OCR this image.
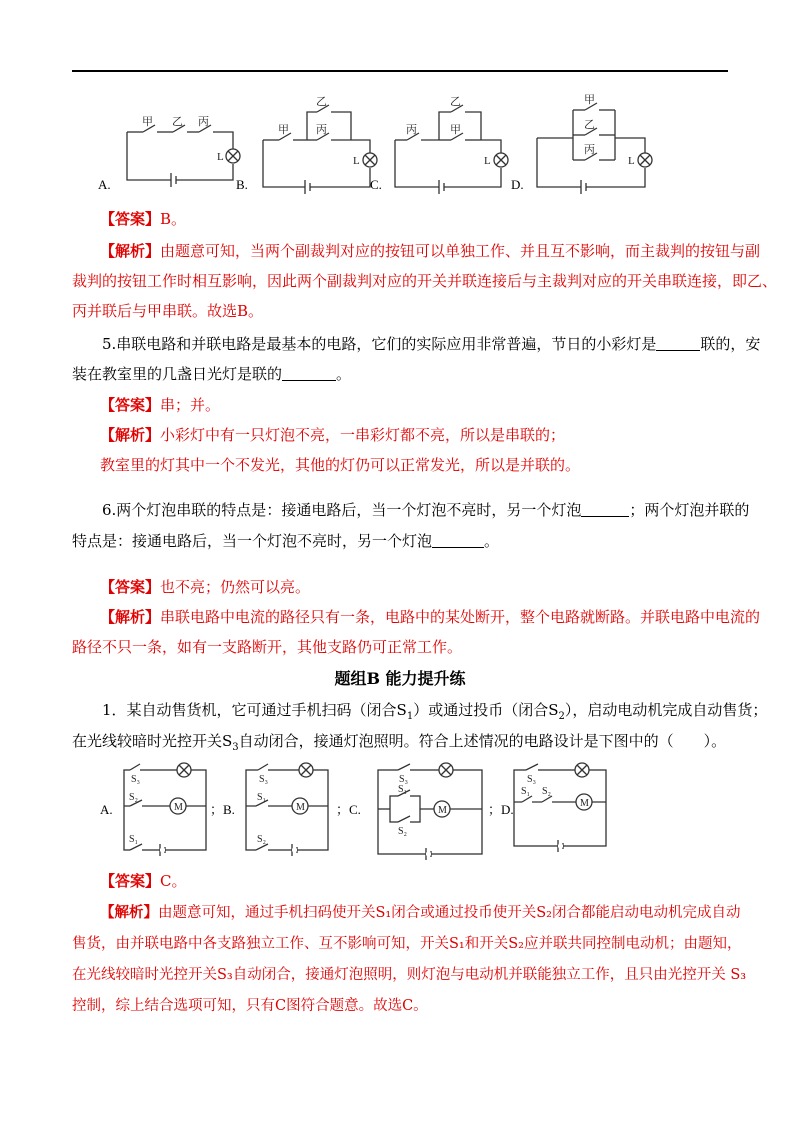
甲 乙 丙
L
甲
乙
丙
L
丙
乙
甲
L
甲
乙
丙
L
A.	B.	C.	D.
【答案】B。
【解析】由题意可知，当两个副裁判对应的按钮可以单独工作、并且互不影响，而主裁判的按钮与副
裁判的按钮工作时相互影响，因此两个副裁判对应的开关并联连接后与主裁判对应的开关串联连接，即乙、
丙并联后与甲串联。故选B。
5.串联电路和并联电路是最基本的电路，它们的实际应用非常普遍，节日的小彩灯是	联的，安
装在教室里的几盏日光灯是联的	。
【答案】串；并。
【解析】小彩灯中有一只灯泡不亮，一串彩灯都不亮，所以是串联的；
教室里的灯其中一个不发光，其他的灯仍可以正常发光，所以是并联的。
6.两个灯泡串联的特点是：接通电路后，当一个灯泡不亮时，另一个灯泡	；两个灯泡并联的
特点是：接通电路后，当一个灯泡不亮时，另一个灯泡	。
【答案】也不亮；仍然可以亮。
【解析】串联电路中电流的路径只有一条，电路中的某处断开，整个电路就断路。并联电路中电流的
路径不只一条，如有一支路断开，其他支路仍可正常工作。
题组B 能力提升练
1．某自动售货机，它可通过手机扫码（闭合$S_1$）或通过投币（闭合$S_2$），启动电动机完成自动售货；
在光线较暗时光控开关$S_3$自动闭合，接通灯泡照明。符合上述情况的电路设计是下图中的（　　）。
M	M	M
M
S₃
S₂
S₁
S₃
S₁
S₂
S₃
S₁
S₂
S₃
S₁ S₂
A.	；B.	；C.	；D.
【答案】C。
【解析】由题意可知，通过手机扫码使开关S₁闭合或通过投币使开关S₂闭合都能启动电动机完成自动
售货，由并联电路中各支路独立工作、互不影响可知，开关S₁和开关S₂应并联共同控制电动机；由题知，
在光线较暗时光控开关S₃自动闭合，接通灯泡照明，则灯泡与电动机并联能独立工作，且只由光控开关 S₃
控制，综上结合选项可知，只有C图符合题意。故选C。
